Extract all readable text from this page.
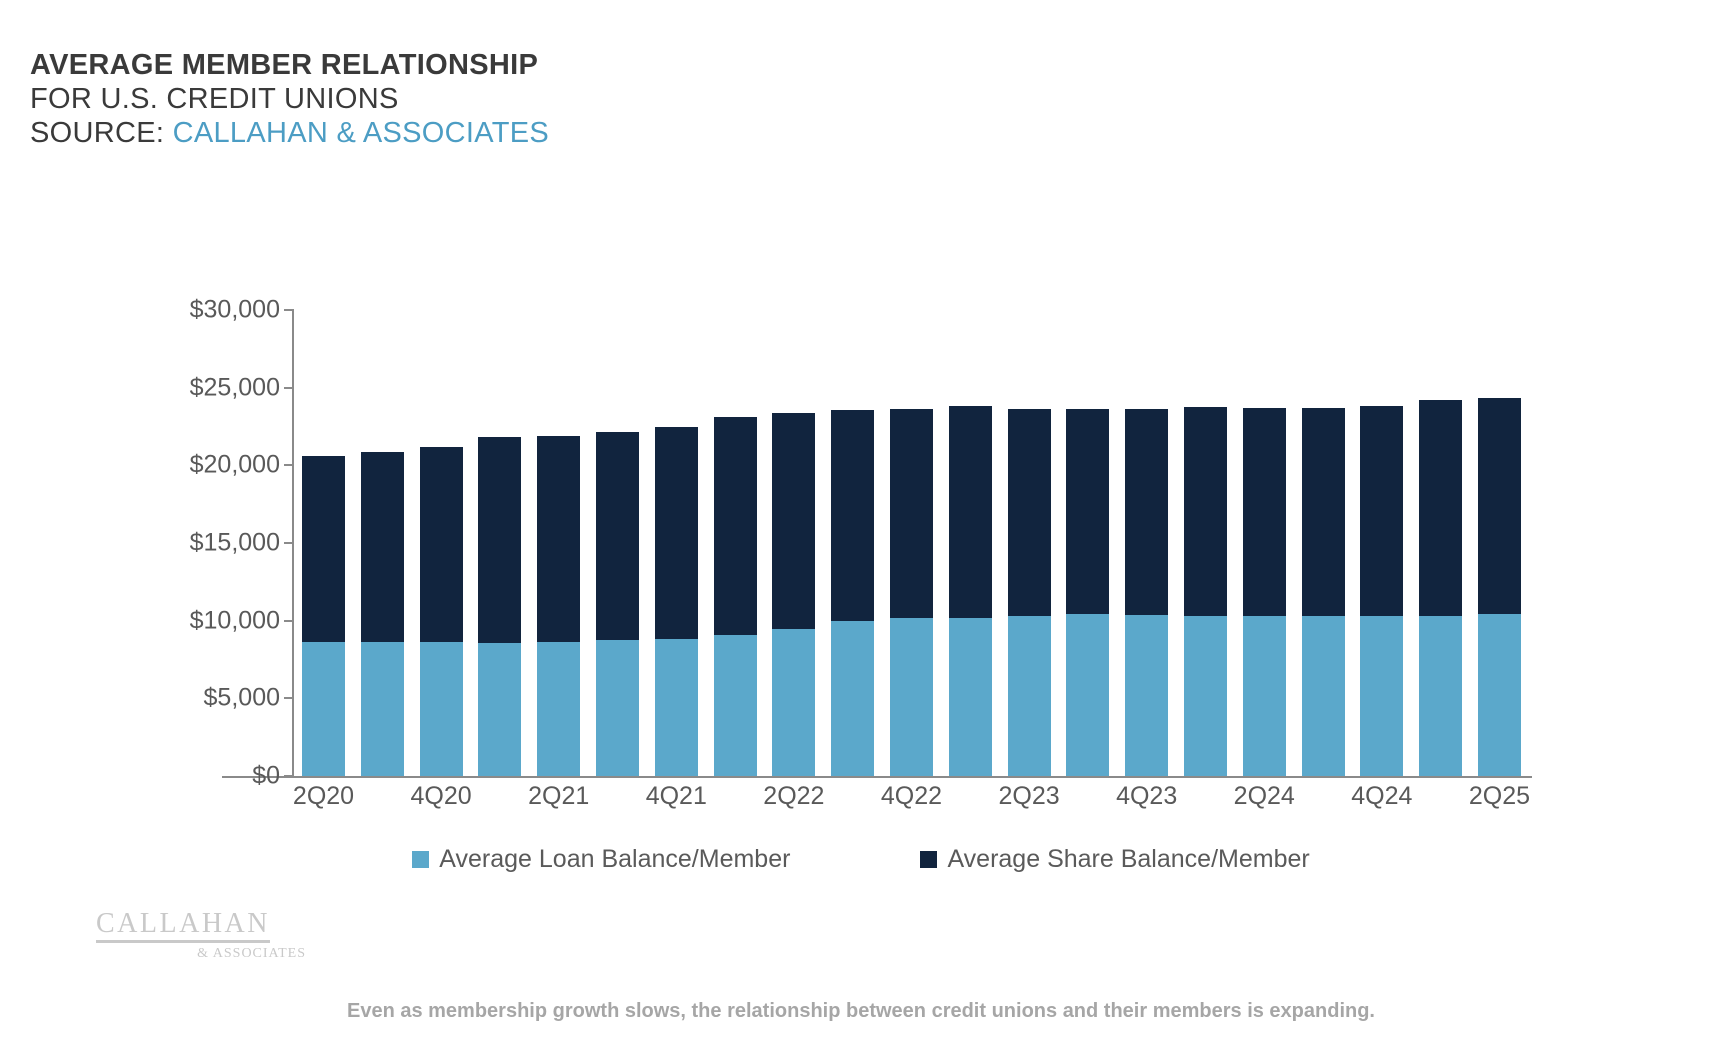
AVERAGE MEMBER RELATIONSHIP
FOR U.S. CREDIT UNIONS
SOURCE: CALLAHAN & ASSOCIATES
$0
$5,000
$10,000
$15,000
$20,000
$25,000
$30,000
2Q20 4Q20 2Q21 4Q21 2Q22 4Q22 2Q23 4Q23 2Q24 4Q24 2Q25
Average Loan Balance/Member	Average Share Balance/Member
CALLAHAN
& ASSOCIATES
Even as membership growth slows, the relationship between credit unions and their members is expanding.
